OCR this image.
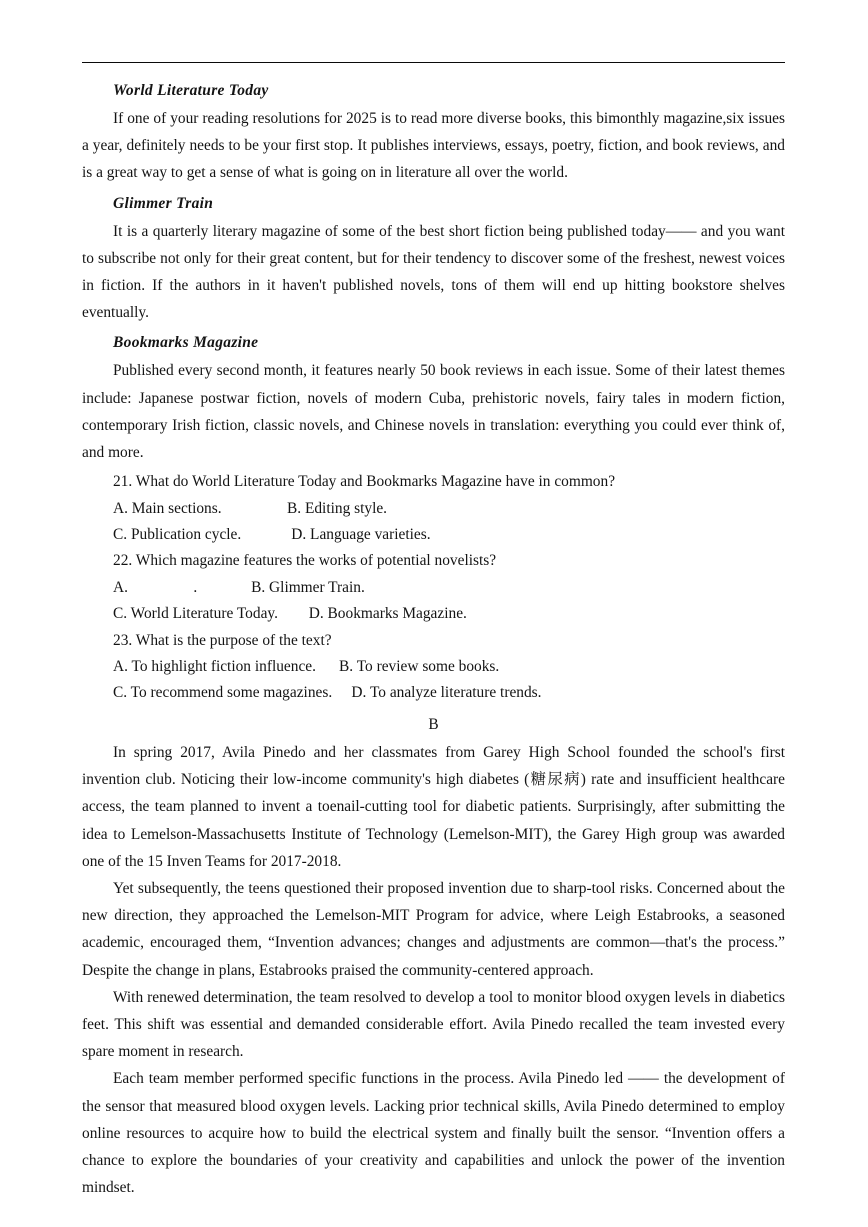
World Literature Today

If one of your reading resolutions for 2025 is to read more diverse books, this bimonthly magazine,six issues a year, definitely needs to be your first stop. It publishes interviews, essays, poetry, fiction, and book reviews, and is a great way to get a sense of what is going on in literature all over the world.

Glimmer Train

It is a quarterly literary magazine of some of the best short fiction being published today—— and you want to subscribe not only for their great content, but for their tendency to discover some of the freshest, newest voices in fiction. If the authors in it haven't published novels, tons of them will end up hitting bookstore shelves eventually.

Bookmarks Magazine

Published every second month, it features nearly 50 book reviews in each issue. Some of their latest themes include: Japanese postwar fiction, novels of modern Cuba, prehistoric novels, fairy tales in modern fiction, contemporary Irish fiction, classic novels, and Chinese novels in translation: everything you could ever think of, and more.

21. What do World Literature Today and Bookmarks Magazine have in common?

A. Main sections.                 B. Editing style.
C. Publication cycle.             D. Language varieties.

22. Which magazine features the works of potential novelists?

A.                 .              B. Glimmer Train.
C. World Literature Today.        D. Bookmarks Magazine.

23. What is the purpose of the text?

A. To highlight fiction influence.      B. To review some books.
C. To recommend some magazines.     D. To analyze literature trends.
B

In spring 2017, Avila Pinedo and her classmates from Garey High School founded the school's first invention club. Noticing their low-income community's high diabetes (糖尿病) rate and insufficient healthcare access, the team planned to invent a toenail-cutting tool for diabetic patients. Surprisingly, after submitting the idea to Lemelson-Massachusetts Institute of Technology (Lemelson-MIT), the Garey High group was awarded one of the 15 Inven Teams for 2017-2018.

Yet subsequently, the teens questioned their proposed invention due to sharp-tool risks. Concerned about the new direction, they approached the Lemelson-MIT Program for advice, where Leigh Estabrooks, a seasoned academic, encouraged them, “Invention advances; changes and adjustments are common—that's the process.” Despite the change in plans, Estabrooks praised the community-centered approach.

With renewed determination, the team resolved to develop a tool to monitor blood oxygen levels in diabetics feet. This shift was essential and demanded considerable effort. Avila Pinedo recalled the team invested every spare moment in research.

Each team member performed specific functions in the process. Avila Pinedo led —— the development of the sensor that measured blood oxygen levels. Lacking prior technical skills, Avila Pinedo determined to employ online resources to acquire how to build the electrical system and finally built the sensor. “Invention offers a chance to explore the boundaries of your creativity and capabilities and unlock the power of the invention mindset.
